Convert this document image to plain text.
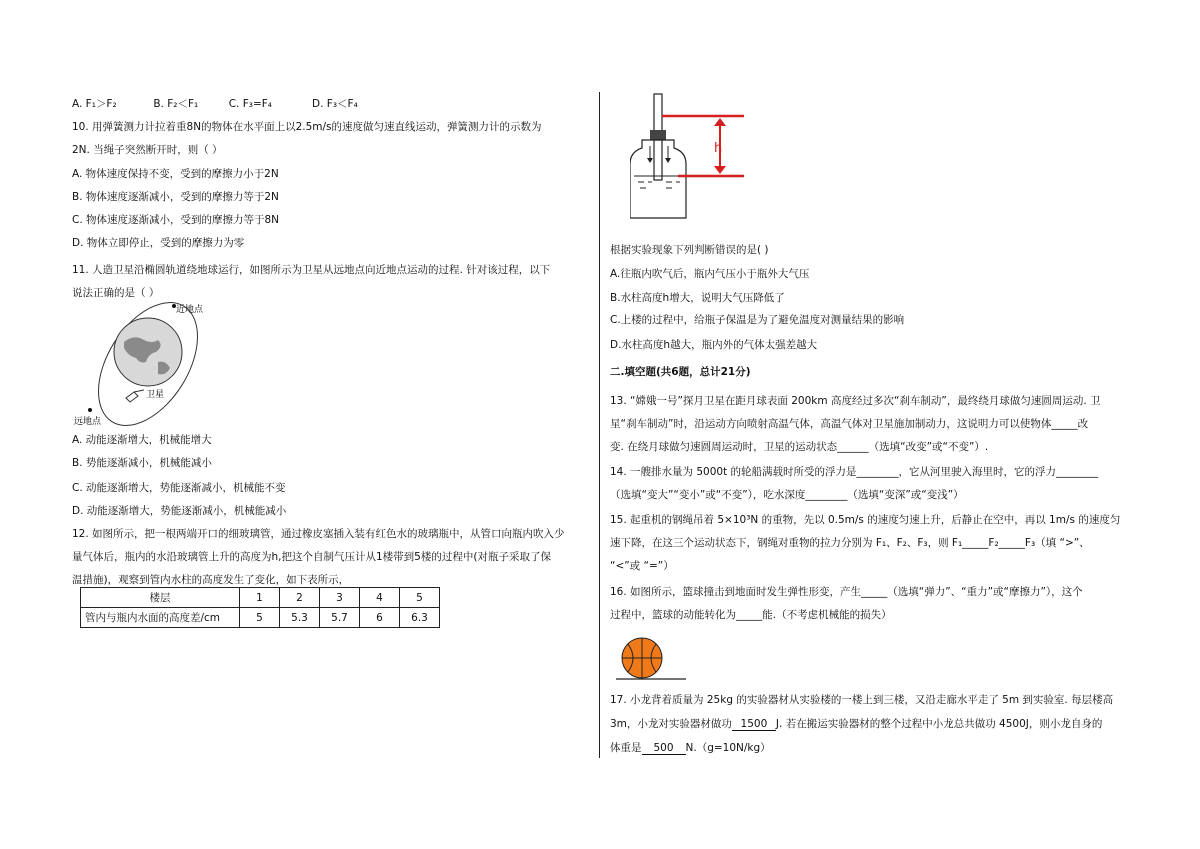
A. F₁＞F₂	B. F₂＜F₁	C. F₃=F₄	D. F₃＜F₄
10. 用弹簧测力计拉着重8N的物体在水平面上以2.5m/s的速度做匀速直线运动，弹簧测力计的示数为
2N. 当绳子突然断开时，则（ ）
A. 物体速度保持不变，受到的摩擦力小于2N
B. 物体速度逐渐减小，受到的摩擦力等于2N
C. 物体速度逐渐减小，受到的摩擦力等于8N
D. 物体立即停止，受到的摩擦力为零
11. 人造卫星沿椭圆轨道绕地球运行，如图所示为卫星从远地点向近地点运动的过程. 针对该过程，以下
说法正确的是（ ）
近地点
远地点
卫星
A. 动能逐渐增大，机械能增大
B. 势能逐渐减小，机械能减小
C. 动能逐渐增大，势能逐渐减小，机械能不变
D. 动能逐渐增大，势能逐渐减小，机械能减小
12. 如图所示，把一根两端开口的细玻璃管，通过橡皮塞插入装有红色水的玻璃瓶中，从管口向瓶内吹入少
量气体后，瓶内的水沿玻璃管上升的高度为h,把这个自制气压计从1楼带到5楼的过程中(对瓶子采取了保
温措施)，观察到管内水柱的高度发生了变化，如下表所示，
楼层	1	2	3	4	5
管内与瓶内水面的高度差/cm	5	5.3	5.7	6	6.3
h
根据实验现象下列判断错误的是( )
A.往瓶内吹气后，瓶内气压小于瓶外大气压
B.水柱高度h增大，说明大气压降低了
C.上楼的过程中，给瓶子保温是为了避免温度对测量结果的影响
D.水柱高度h越大，瓶内外的气体太强差越大
二.填空题(共6题，总计21分)
13. “嫦娥一号”探月卫星在距月球表面 200km 高度经过多次“刹车制动”，最终绕月球做匀速圆周运动. 卫
星“刹车制动”时，沿运动方向喷射高温气体，高温气体对卫星施加制动力，这说明力可以使物体_____改
变. 在绕月球做匀速圆周运动时，卫星的运动状态______（选填“改变”或“不变”）.
14. 一艘排水量为 5000t 的轮船满载时所受的浮力是________，它从河里驶入海里时，它的浮力________
（选填“变大”“变小”或“不变”），吃水深度________（选填“变深”或“变浅”）
15. 起重机的钢绳吊着 5×10³N 的重物，先以 0.5m/s 的速度匀速上升，后静止在空中，再以 1m/s 的速度匀
速下降，在这三个运动状态下，钢绳对重物的拉力分别为 F₁、F₂、F₃，则 F₁_____F₂_____F₃（填 “>”、
“<”或 “=”）
16. 如图所示，篮球撞击到地面时发生弹性形变，产生_____（选填“弹力”、“重力”或“摩擦力”），这个
过程中，篮球的动能转化为_____能.（不考虑机械能的损失）
17. 小龙背着质量为 25kg 的实验器材从实验楼的一楼上到三楼，又沿走廊水平走了 5m 到实验室. 每层楼高
3m，小龙对实验器材做功 1500 J. 若在搬运实验器材的整个过程中小龙总共做功 4500J，则小龙自身的
体重是 500 N.（g=10N/kg）
